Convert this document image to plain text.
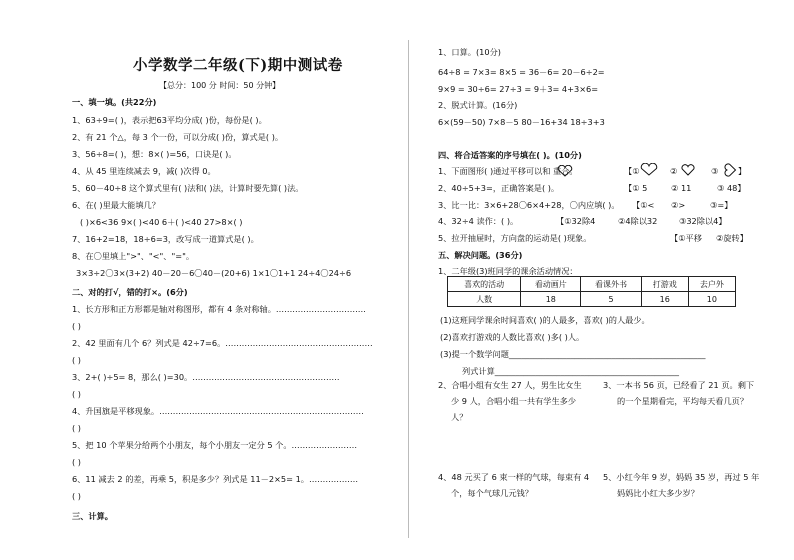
小学数学二年级(下)期中测试卷
【总分：100 分 时间：50 分钟】
一、填一填。(共22分)
1、63÷9=( )，表示把63平均分成( )份，每份是( )。
2、有 21 个△，每 3 个一份，可以分成( )份，算式是( )。
3、56÷8=( )，想：8×( )=56，口诀是( )。
4、从 45 里连续减去 9，减( )次得 0。
5、60－40÷8 这个算式里有( )法和( )法，计算时要先算( )法。
6、在( )里最大能填几？
( )×6<36 9×( )<40 6＋( )<40 27>8×( )
7、16+2=18，18÷6=3，改写成一道算式是( )。
8、在〇里填上">"、"<"、"="。
3×3÷2〇3×(3+2) 40－20－6〇40－(20+6) 1×1〇1+1 24÷4〇24÷6
二、对的打√，错的打×。(6分)
1、长方形和正方形都是轴对称图形，都有 4 条对称轴。……………………………
( )
2、42 里面有几个 6？列式是 42÷7=6。………………………………………………
( )
3、2+( )÷5= 8，那么( )=30。………………………………………………
( )
4、升国旗是平移现象。…………………………………………………………………
( )
5、把 10 个苹果分给两个小朋友，每个小朋友一定分 5 个。……………………
( )
6、11 减去 2 的差，再乘 5，积是多少？列式是 11－2×5= 1。………………
( )
三、计算。
1、口算。(10分)
64÷8 = 7×3= 8×5 = 36－6= 20－6÷2=
9×9 = 30÷6= 27÷3 = 9＋3= 4+3×6=
2、脱式计算。(16分)
6×(59－50) 7×8－5 80－16+34 18÷3+3
四、将合适答案的序号填在( )。(10分)
1、下面图形( )通过平移可以和 重合。	【①	②	③ 】
2、40÷5+3=，正确答案是( )。	【① 5	② 11	③ 48】
3、比一比：3×6+28〇6×4+28，〇内应填( )。 【①< ②>	③=】
4、32÷4 读作：( )。	【①32除4	②4除以32	③32除以4】
5、拉开抽屉时，方向盘的运动是( )现象。	【①平移 ②旋转】
五、解决问题。(36分)
1、二年级(3)班同学的课余活动情况：
喜欢的活动	看动画片	看课外书	打游戏	去户外
人数	18	5	16	10
(1)这班同学课余时间喜欢( )的人最多，喜欢( )的人最少。
(2)喜欢打游戏的人数比喜欢( )多( )人。
(3)提一个数学问题________________________________________________
列式计算_____________________________________________
2、合唱小组有女生 27 人，男生比女生
少 9 人，合唱小组一共有学生多少
人？
3、一本书 56 页，已经看了 21 页。剩下
的一个星期看完，平均每天看几页？
4、48 元买了 6 束一样的气球，每束有 4
个，每个气球几元钱？
5、小红今年 9 岁，妈妈 35 岁，再过 5 年
妈妈比小红大多少岁？
